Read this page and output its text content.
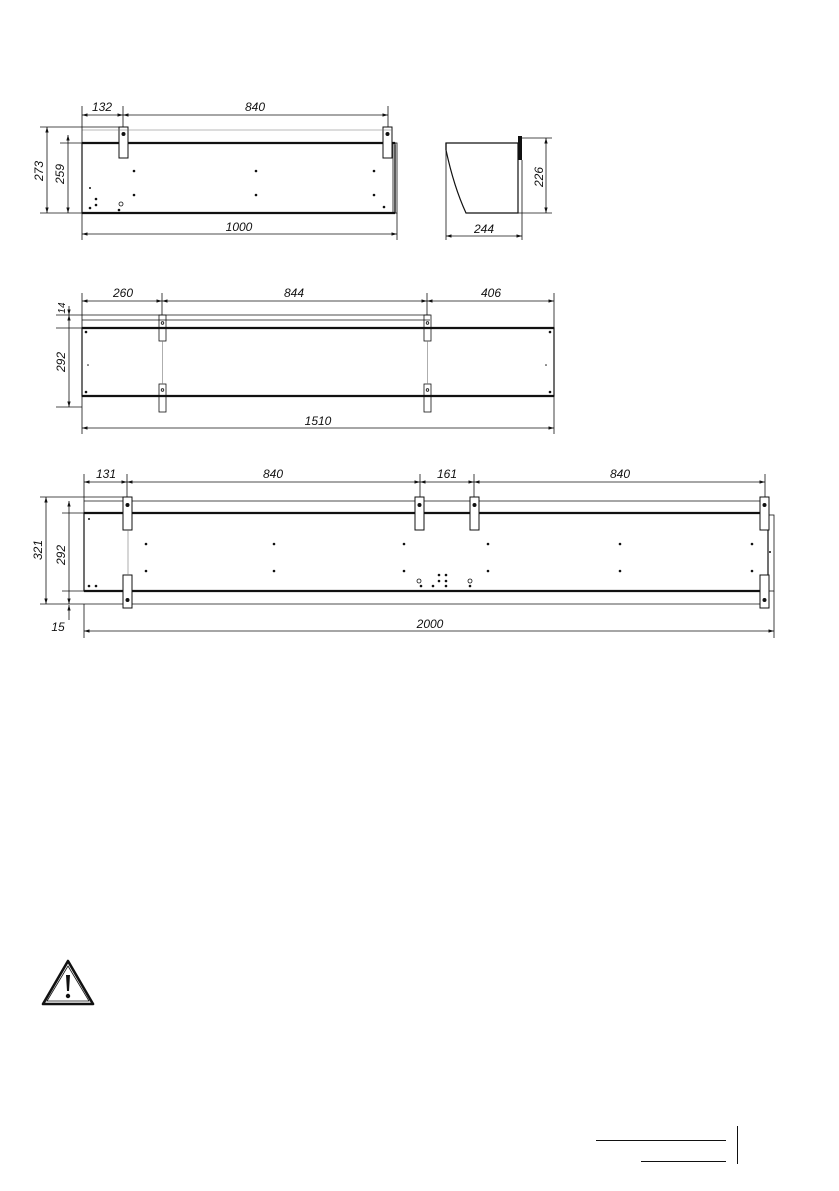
132	840
273 259
1000
226
244
260	844	406
14
292
1510
131	840	161	840
321 292
15	2000
